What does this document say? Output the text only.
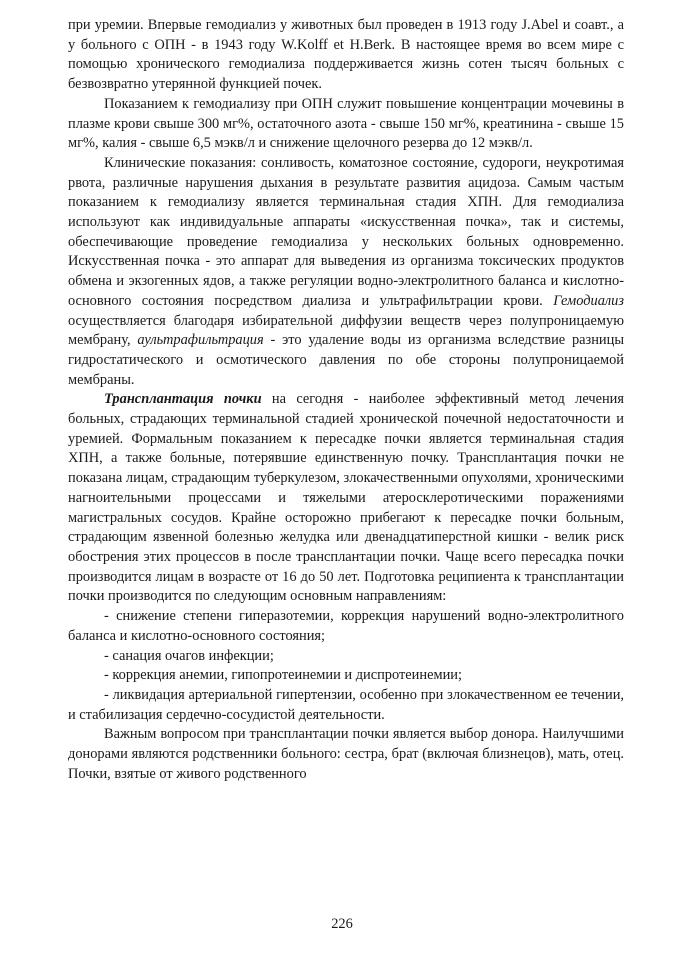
при уремии. Впервые гемодиализ у животных был проведен в 1913 году J.Abel и соавт., а у больного с ОПН - в 1943 году W.Kolff et H.Berk. В настоящее время во всем мире с помощью хронического гемодиализа поддерживается жизнь сотен тысяч больных с безвозвратно утерянной функцией почек.

Показанием к гемодиализу при ОПН служит повышение концентрации мочевины в плазме крови свыше 300 мг%, остаточного азота - свыше 150 мг%, креатинина - свыше 15 мг%, калия - свыше 6,5 мэкв/л и снижение щелочного резерва до 12 мэкв/л.

Клинические показания: сонливость, коматозное состояние, судороги, неукротимая рвота, различные нарушения дыхания в результате развития ацидоза. Самым частым показанием к гемодиализу является терминальная стадия ХПН. Для гемодиализа используют как индивидуальные аппараты «искусственная почка», так и системы, обеспечивающие проведение гемодиализа у нескольких больных одновременно. Искусственная почка - это аппарат для выведения из организма токсических продуктов обмена и экзогенных ядов, а также регуляции водно-электролитного баланса и кислотно-основного состояния посредством диализа и ультрафильтрации крови. Гемодиализ осуществляется благодаря избирательной диффузии веществ через полупроницаемую мембрану, аультрафильтрация - это удаление воды из организма вследствие разницы гидростатического и осмотического давления по обе стороны полупроницаемой мембраны.

Трансплантация почки на сегодня - наиболее эффективный метод лечения больных, страдающих терминальной стадией хронической почечной недостаточности и уремией. Формальным показанием к пересадке почки является терминальная стадия ХПН, а также больные, потерявшие единственную почку. Трансплантация почки не показана лицам, страдающим туберкулезом, злокачественными опухолями, хроническими нагноительными процессами и тяжелыми атеросклеротическими поражениями магистральных сосудов. Крайне осторожно прибегают к пересадке почки больным, страдающим язвенной болезнью желудка или двенадцатиперстной кишки - велик риск обострения этих процессов в после трансплантации почки. Чаще всего пересадка почки производится лицам в возрасте от 16 до 50 лет. Подготовка реципиента к трансплантации почки производится по следующим основным направлениям:

- снижение степени гиперазотемии, коррекция нарушений водно-электролитного баланса и кислотно-основного состояния;

- санация очагов инфекции;

- коррекция анемии, гипопротеинемии и диспротеинемии;

- ликвидация артериальной гипертензии, особенно при злокачественном ее течении, и стабилизация сердечно-сосудистой деятельности.

Важным вопросом при трансплантации почки является выбор донора. Наилучшими донорами являются родственники больного: сестра, брат (включая близнецов), мать, отец. Почки, взятые от живого родственного

226
